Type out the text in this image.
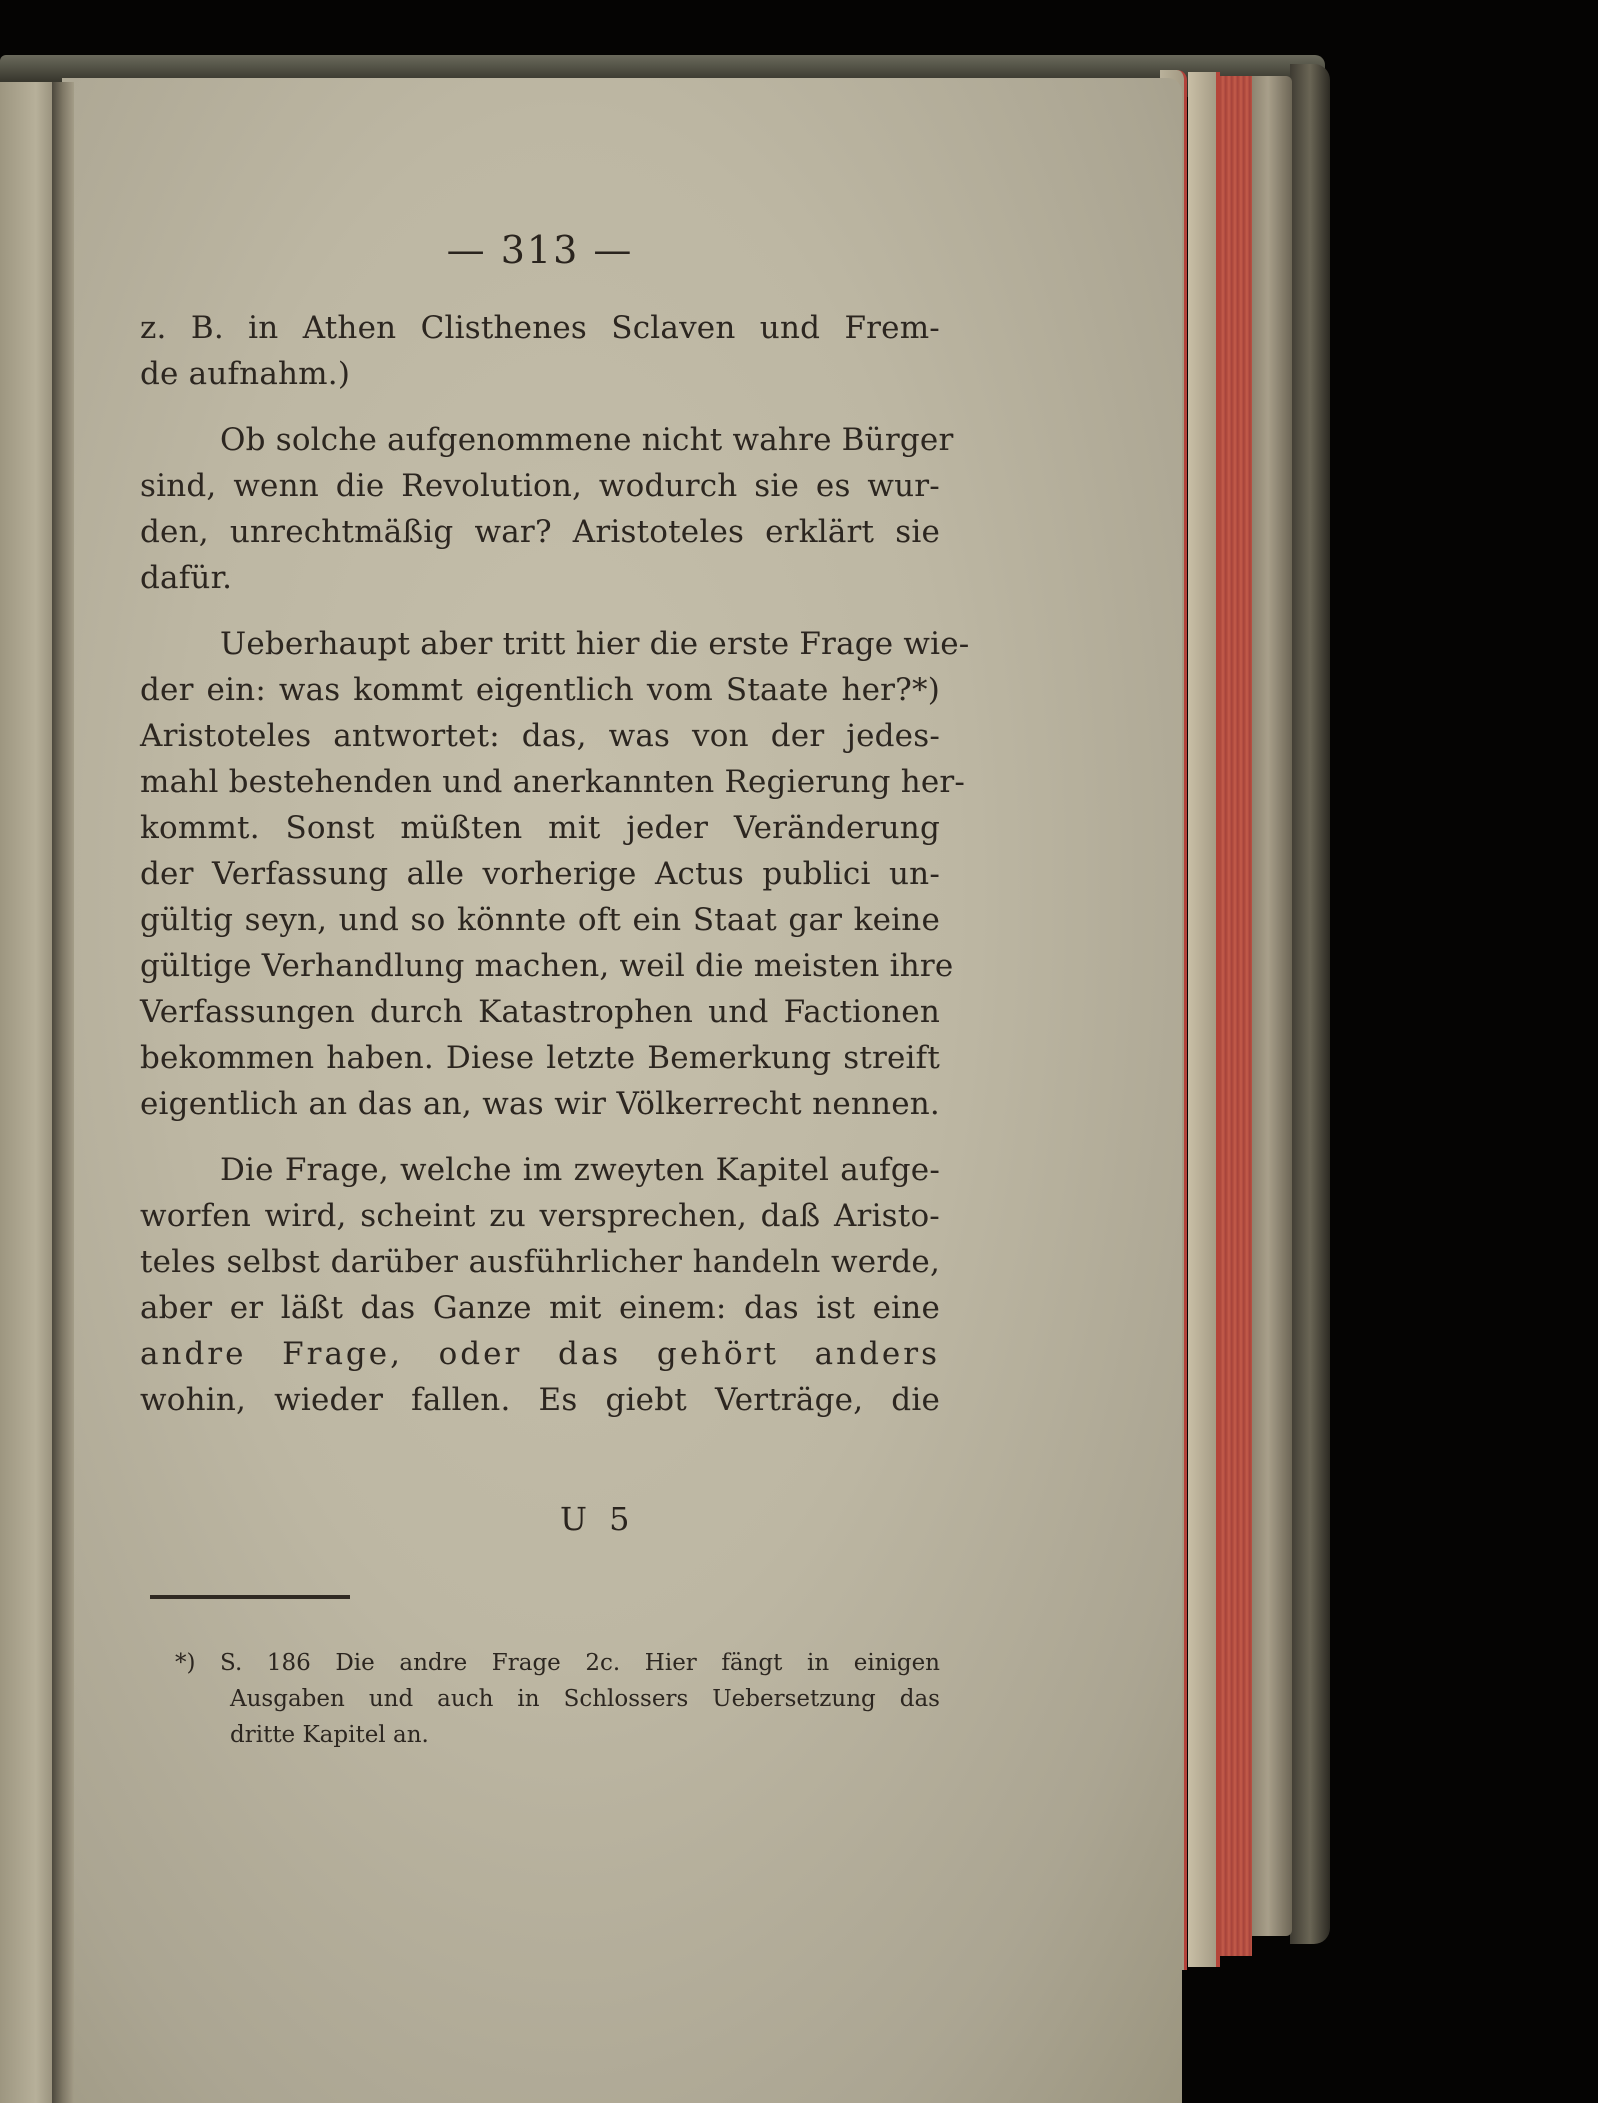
— 313 —
z. B. in Athen Clisthenes Sclaven und Frem-
de aufnahm.)
Ob solche aufgenommene nicht wahre Bürger
sind, wenn die Revolution, wodurch sie es wur-
den, unrechtmäßig war? Aristoteles erklärt sie
dafür.
Ueberhaupt aber tritt hier die erste Frage wie-
der ein: was kommt eigentlich vom Staate her?*)
Aristoteles antwortet: das, was von der jedes-
mahl bestehenden und anerkannten Regierung her-
kommt. Sonst müßten mit jeder Veränderung
der Verfassung alle vorherige Actus publici un-
gültig seyn, und so könnte oft ein Staat gar keine
gültige Verhandlung machen, weil die meisten ihre
Verfassungen durch Katastrophen und Factionen
bekommen haben. Diese letzte Bemerkung streift
eigentlich an das an, was wir Völkerrecht nennen.
Die Frage, welche im zweyten Kapitel aufge-
worfen wird, scheint zu versprechen, daß Aristo-
teles selbst darüber ausführlicher handeln werde,
aber er läßt das Ganze mit einem: das ist eine
andre Frage, oder das gehört anders
wohin, wieder fallen. Es giebt Verträge, die
U 5
*) S. 186 Die andre Frage 2c. Hier fängt in einigen
Ausgaben und auch in Schlossers Uebersetzung das
dritte Kapitel an.
